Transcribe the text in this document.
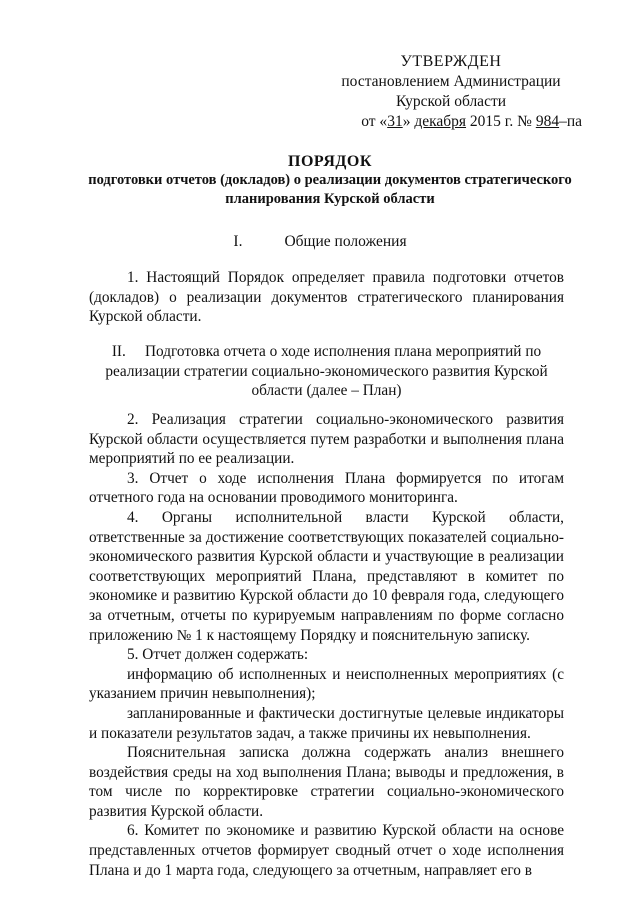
УТВЕРЖДЕН
постановлением Администрации
Курской области
от «31» декабря 2015 г. № 984–па
ПОРЯДОК
подготовки отчетов (докладов) о реализации документов стратегического планирования Курской области
I.	Общие положения

1. Настоящий Порядок определяет правила подготовки отчетов (докладов) о реализации документов стратегического планирования Курской области.

II.     Подготовка отчета о ходе исполнения плана мероприятий по реализации стратегии социально-экономического развития Курской области (далее – План)

2. Реализация стратегии социально-экономического развития Курской области осуществляется путем разработки и выполнения плана мероприятий по ее реализации.

3. Отчет о ходе исполнения Плана формируется по итогам отчетного года на основании проводимого мониторинга.

4. Органы исполнительной власти Курской области, ответственные за достижение соответствующих показателей социально-экономического развития Курской области и участвующие в реализации соответствующих мероприятий Плана, представляют в комитет по экономике и развитию Курской области до 10 февраля года, следующего за отчетным, отчеты по курируемым направлениям по форме согласно приложению № 1 к настоящему Порядку и пояснительную записку.

5. Отчет должен содержать:

информацию об исполненных и неисполненных мероприятиях (с указанием причин невыполнения);

запланированные и фактически достигнутые целевые индикаторы и показатели результатов задач, а также причины их невыполнения.

Пояснительная записка должна содержать анализ внешнего воздействия среды на ход выполнения Плана; выводы и предложения, в том числе по корректировке стратегии социально-экономического развития Курской области.

6. Комитет по экономике и развитию Курской области на основе представленных отчетов формирует сводный отчет о ходе исполнения Плана и до 1 марта года, следующего за отчетным, направляет его в
